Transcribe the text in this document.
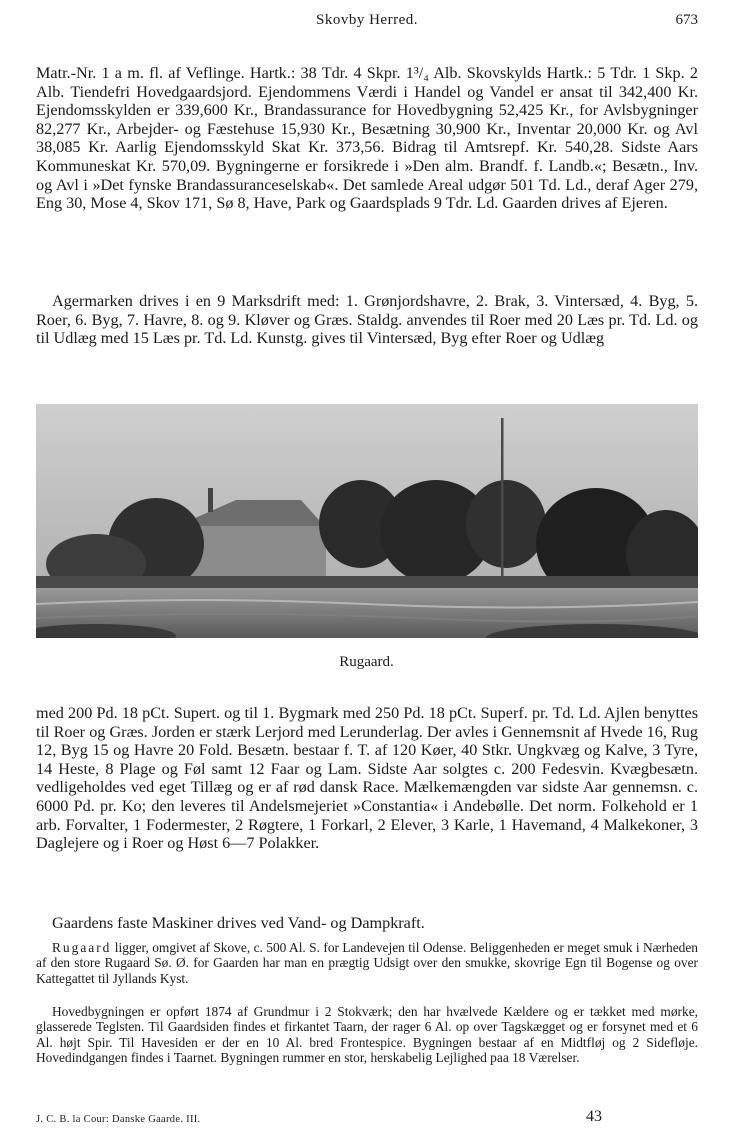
Skovby Herred.	673

Matr.-Nr. 1 a m. fl. af Veflinge. Hartk.: 38 Tdr. 4 Skpr. 1³/₄ Alb. Skovskylds Hartk.: 5 Tdr. 1 Skp. 2 Alb. Tiendefri Hovedgaardsjord. Ejendommens Værdi i Handel og Vandel er ansat til 342,400 Kr. Ejendomsskylden er 339,600 Kr., Brandassurance for Hovedbygning 52,425 Kr., for Avlsbygninger 82,277 Kr., Arbejder- og Fæstehuse 15,930 Kr., Besætning 30,900 Kr., Inventar 20,000 Kr. og Avl 38,085 Kr. Aarlig Ejendomsskyld Skat Kr. 373,56. Bidrag til Amtsrepf. Kr. 540,28. Sidste Aars Kommuneskat Kr. 570,09. Bygningerne er forsikrede i »Den alm. Brandf. f. Landb.«; Besætn., Inv. og Avl i »Det fynske Brandassuranceselskab«. Det samlede Areal udgør 501 Td. Ld., deraf Ager 279, Eng 30, Mose 4, Skov 171, Sø 8, Have, Park og Gaardsplads 9 Tdr. Ld. Gaarden drives af Ejeren.

Agermarken drives i en 9 Marksdrift med: 1. Grønjordshavre, 2. Brak, 3. Vintersæd, 4. Byg, 5. Roer, 6. Byg, 7. Havre, 8. og 9. Kløver og Græs. Staldg. anvendes til Roer med 20 Læs pr. Td. Ld. og til Udlæg med 15 Læs pr. Td. Ld. Kunstg. gives til Vintersæd, Byg efter Roer og Udlæg

Rugaard.

med 200 Pd. 18 pCt. Supert. og til 1. Bygmark med 250 Pd. 18 pCt. Superf. pr. Td. Ld. Ajlen benyttes til Roer og Græs. Jorden er stærk Lerjord med Lerunderlag. Der avles i Gennemsnit af Hvede 16, Rug 12, Byg 15 og Havre 20 Fold. Besætn. bestaar f. T. af 120 Køer, 40 Stkr. Ungkvæg og Kalve, 3 Tyre, 14 Heste, 8 Plage og Føl samt 12 Faar og Lam. Sidste Aar solgtes c. 200 Fedesvin. Kvægbesætn. vedligeholdes ved eget Tillæg og er af rød dansk Race. Mælkemængden var sidste Aar gennemsn. c. 6000 Pd. pr. Ko; den leveres til Andelsmejeriet »Constantia« i Andebølle. Det norm. Folkehold er 1 arb. Forvalter, 1 Fodermester, 2 Røgtere, 1 Forkarl, 2 Elever, 3 Karle, 1 Havemand, 4 Malkekoner, 3 Daglejere og i Roer og Høst 6—7 Polakker.

Gaardens faste Maskiner drives ved Vand- og Dampkraft.

Rugaard ligger, omgivet af Skove, c. 500 Al. S. for Landevejen til Odense. Beliggenheden er meget smuk i Nærheden af den store Rugaard Sø. Ø. for Gaarden har man en prægtig Udsigt over den smukke, skovrige Egn til Bogense og over Kattegattet til Jyllands Kyst.

Hovedbygningen er opført 1874 af Grundmur i 2 Stokværk; den har hvælvede Kældere og er tækket med mørke, glasserede Teglsten. Til Gaardsiden findes et firkantet Taarn, der rager 6 Al. op over Tagskægget og er forsynet med et 6 Al. højt Spir. Til Havesiden er der en 10 Al. bred Frontespice. Bygningen bestaar af en Midtfløj og 2 Sidefløje. Hovedindgangen findes i Taarnet. Bygningen rummer en stor, herskabelig Lejlighed paa 18 Værelser.

J. C. B. la Cour: Danske Gaarde. III.	43
